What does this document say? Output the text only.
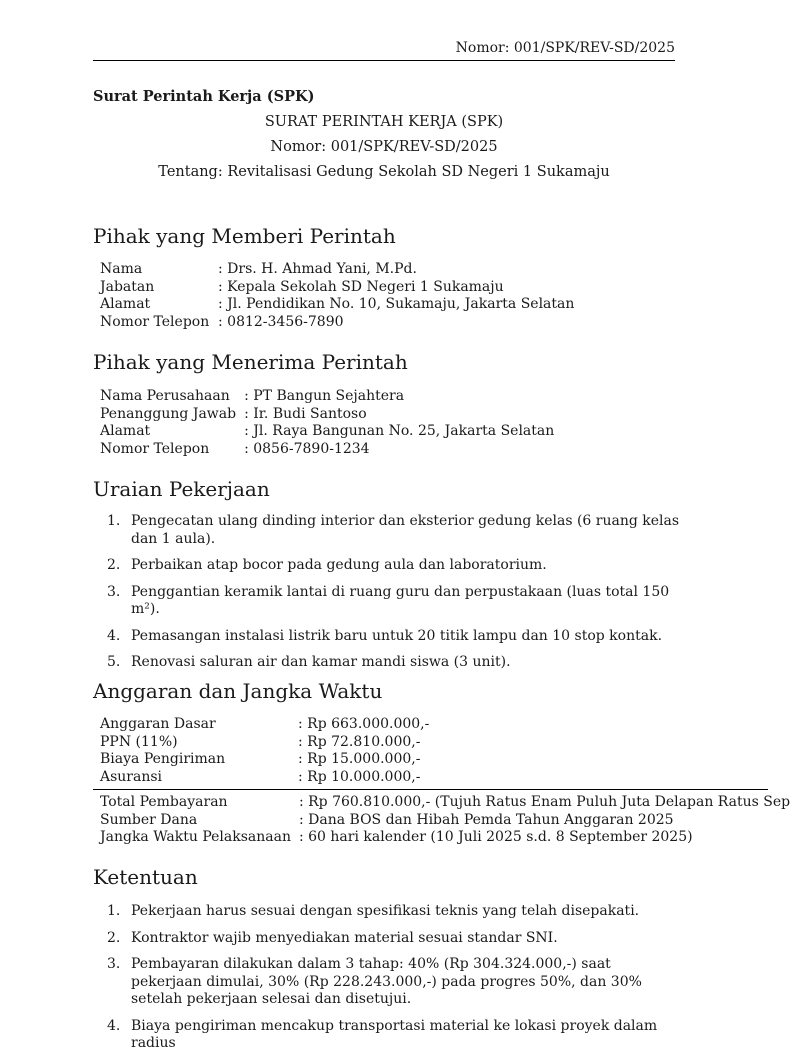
Nomor: 001/SPK/REV-SD/2025
Surat Perintah Kerja (SPK)
SURAT PERINTAH KERJA (SPK)
Nomor: 001/SPK/REV-SD/2025
Tentang: Revitalisasi Gedung Sekolah SD Negeri 1 Sukamaju
Pihak yang Memberi Perintah
Nama	: Drs. H. Ahmad Yani, M.Pd.
Jabatan	: Kepala Sekolah SD Negeri 1 Sukamaju
Alamat	: Jl. Pendidikan No. 10, Sukamaju, Jakarta Selatan
Nomor Telepon	: 0812-3456-7890
Pihak yang Menerima Perintah
Nama Perusahaan	: PT Bangun Sejahtera
Penanggung Jawab	: Ir. Budi Santoso
Alamat	: Jl. Raya Bangunan No. 25, Jakarta Selatan
Nomor Telepon	: 0856-7890-1234
Uraian Pekerjaan
1. Pengecatan ulang dinding interior dan eksterior gedung kelas (6 ruang kelas dan 1 aula).
2. Perbaikan atap bocor pada gedung aula dan laboratorium.
3. Penggantian keramik lantai di ruang guru dan perpustakaan (luas total 150 m²).
4. Pemasangan instalasi listrik baru untuk 20 titik lampu dan 10 stop kontak.
5. Renovasi saluran air dan kamar mandi siswa (3 unit).
Anggaran dan Jangka Waktu
Anggaran Dasar	: Rp 663.000.000,-
PPN (11%)	: Rp 72.810.000,-
Biaya Pengiriman	: Rp 15.000.000,-
Asuransi	: Rp 10.000.000,-
Total Pembayaran	: Rp 760.810.000,- (Tujuh Ratus Enam Puluh Juta Delapan Ratus Sep
Sumber Dana	: Dana BOS dan Hibah Pemda Tahun Anggaran 2025
Jangka Waktu Pelaksanaan	: 60 hari kalender (10 Juli 2025 s.d. 8 September 2025)
Ketentuan
1. Pekerjaan harus sesuai dengan spesifikasi teknis yang telah disepakati.
2. Kontraktor wajib menyediakan material sesuai standar SNI.
3. Pembayaran dilakukan dalam 3 tahap: 40% (Rp 304.324.000,-) saat pekerjaan dimulai, 30% (Rp 228.243.000,-) pada progres 50%, dan 30% setelah pekerjaan selesai dan disetujui.
4. Biaya pengiriman mencakup transportasi material ke lokasi proyek dalam radius
